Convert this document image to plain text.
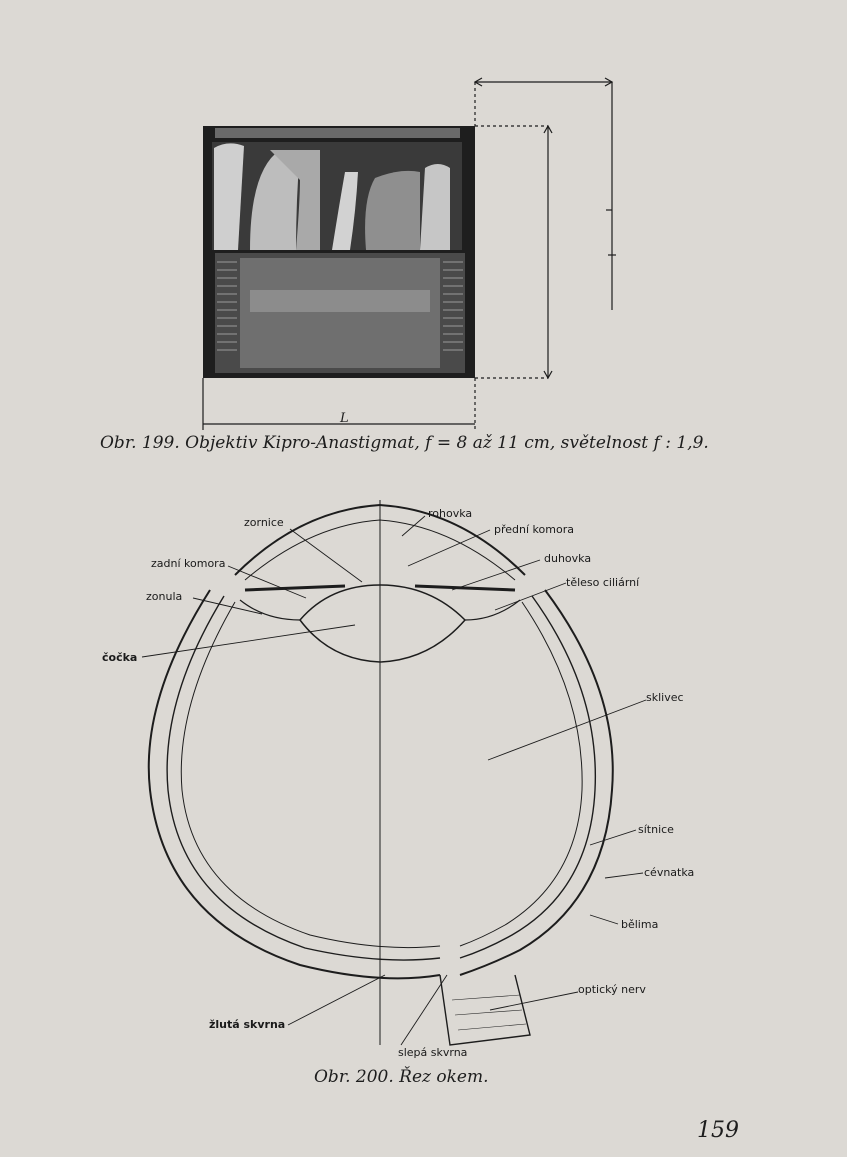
L
Obr. 199. Objektiv Kipro-Anastigmat, f = 8 až 11 cm, světelnost f : 1,9.
zornice
rohovka
přední komora
zadní komora	duhovka
těleso ciliární
zonula
čočka
sklivec
sítnice
cévnatka
bělima
optický nerv
žlutá skvrna
slepá skvrna
Obr. 200. Řez okem.
159
